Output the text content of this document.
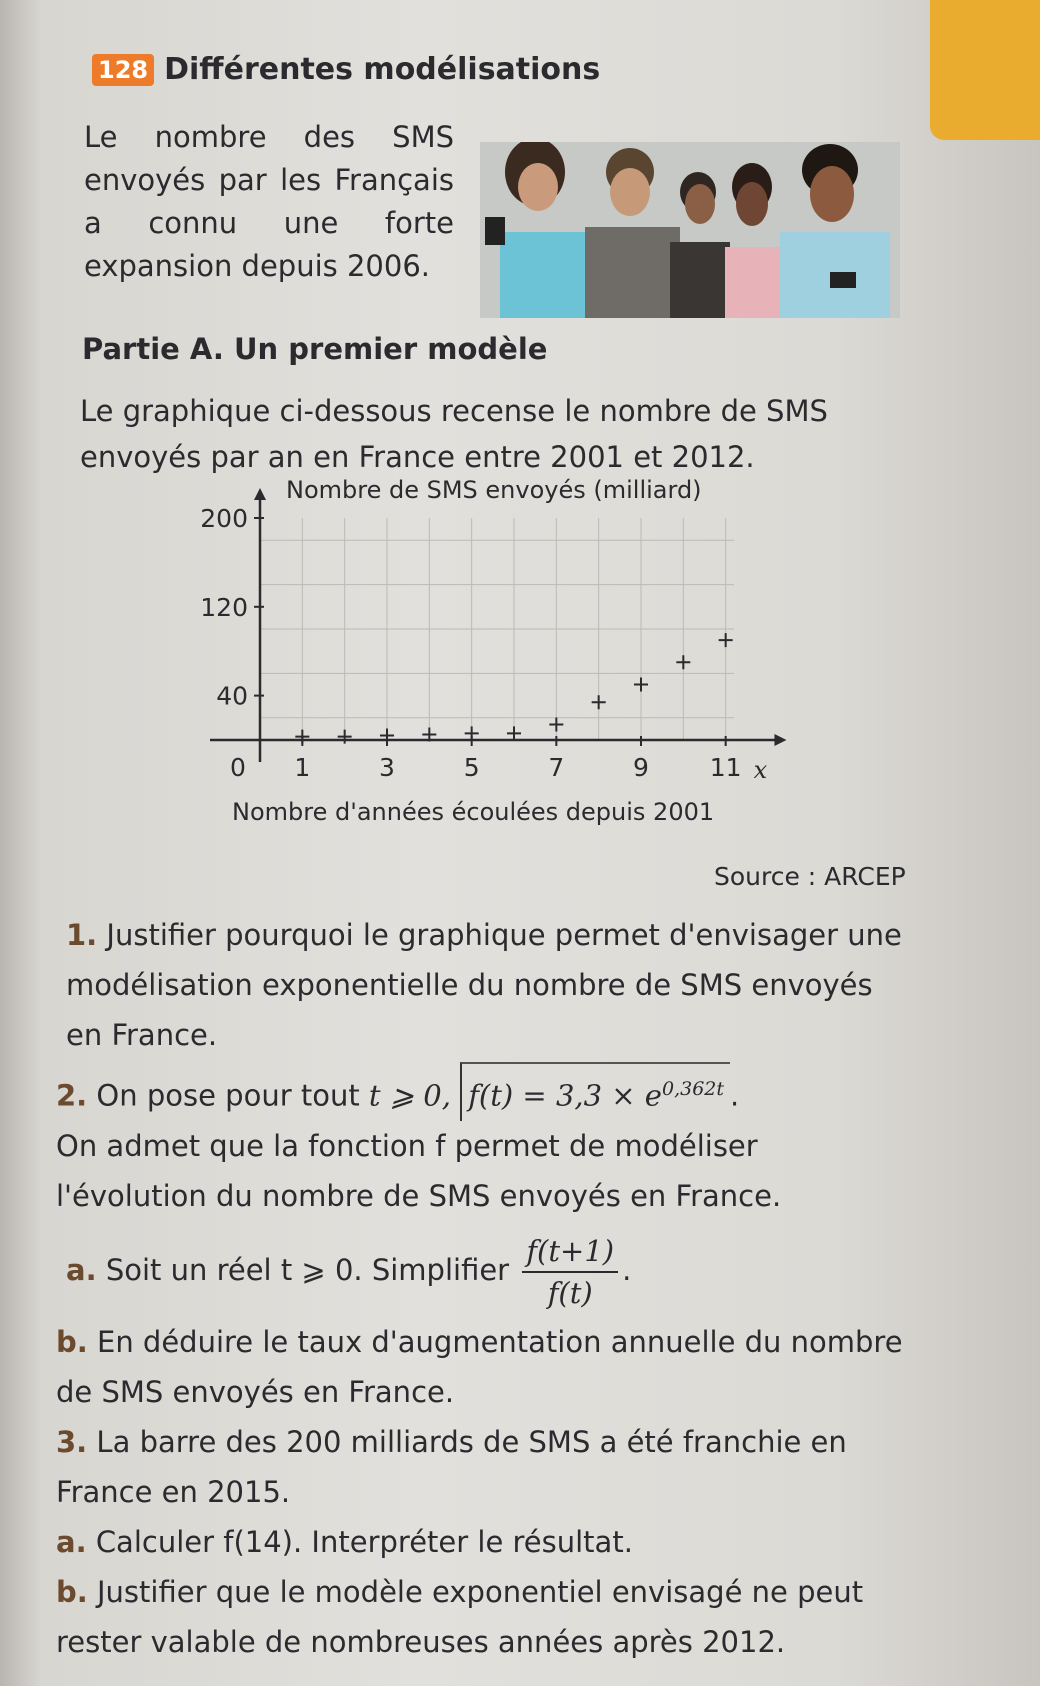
128 Différentes modélisations
Le nombre des SMS envoyés par les Français a connu une forte expansion depuis 2006.
Partie A. Un premier modèle
Le graphique ci-dessous recense le nombre de SMS envoyés par an en France entre 2001 et 2012.
40
120
200
0 1	3	5	7	9 11 x
Nombre de SMS envoyés (milliard)
Nombre d'années écoulées depuis 2001
Source : ARCEP

1. Justifier pourquoi le graphique permet d'envisager une modélisation exponentielle du nombre de SMS envoyés en France.

2. On pose pour tout t ⩾ 0, $f(t) = 3,3 \times e^{0,362t}$ .

On admet que la fonction f permet de modéliser l'évolution du nombre de SMS envoyés en France.

a. Soit un réel t ⩾ 0. Simplifier $\frac{f(t+1)}{f(t)}$ .

b. En déduire le taux d'augmentation annuelle du nombre de SMS envoyés en France.

3. La barre des 200 milliards de SMS a été franchie en France en 2015.

a. Calculer f(14). Interpréter le résultat.

b. Justifier que le modèle exponentiel envisagé ne peut rester valable de nombreuses années après 2012.
